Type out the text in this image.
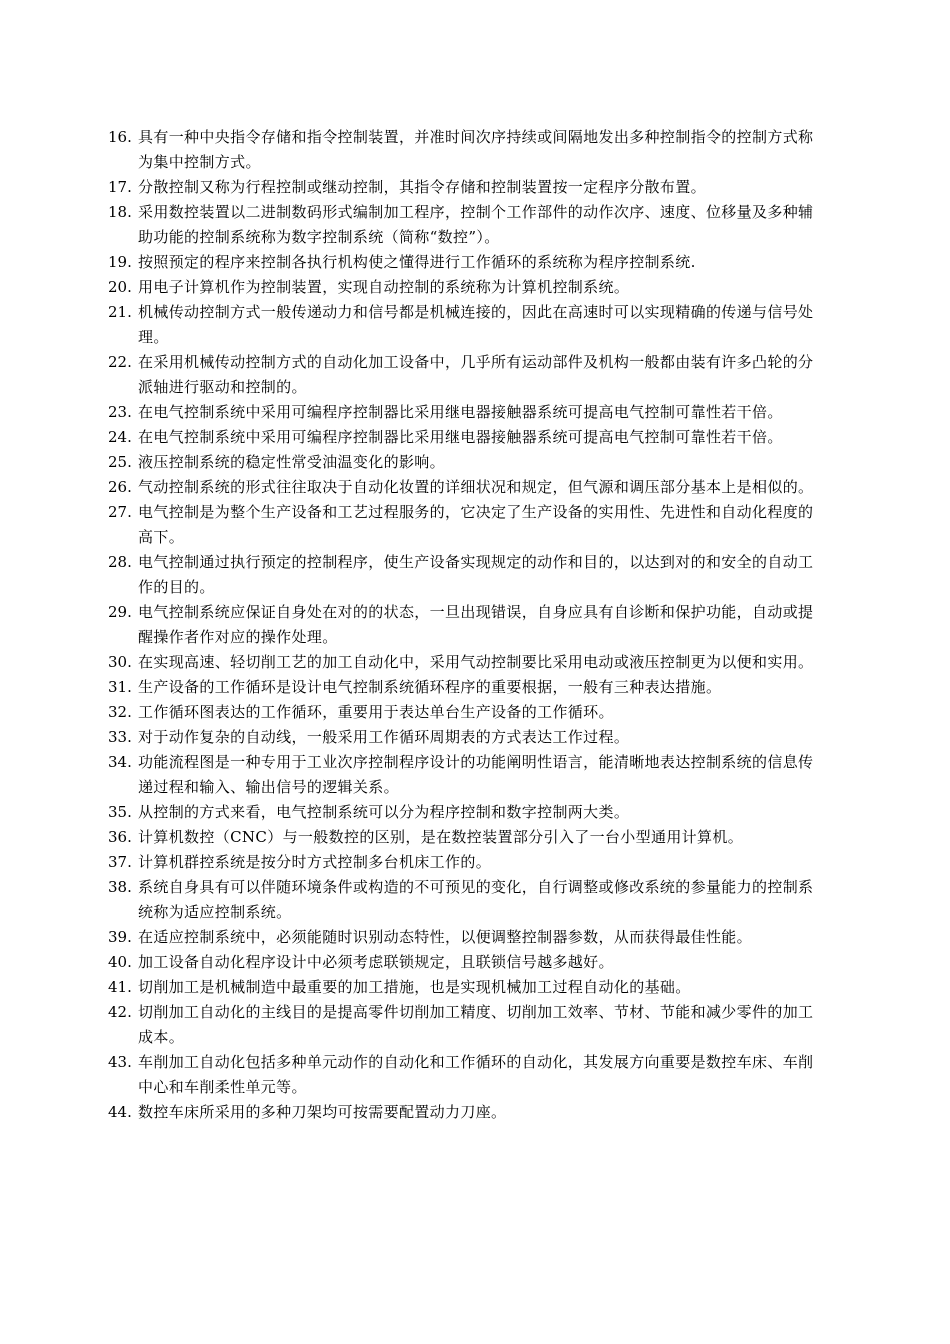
16. 具有一种中央指令存储和指令控制装置，并准时间次序持续或间隔地发出多种控制指令的控制方式称为集中控制方式。
17. 分散控制又称为行程控制或继动控制，其指令存储和控制装置按一定程序分散布置。
18. 采用数控装置以二进制数码形式编制加工程序，控制个工作部件的动作次序、速度、位移量及多种辅助功能的控制系统称为数字控制系统（简称“数控”）。
19. 按照预定的程序来控制各执行机构使之懂得进行工作循环的系统称为程序控制系统.
20. 用电子计算机作为控制装置，实现自动控制的系统称为计算机控制系统。
21. 机械传动控制方式一般传递动力和信号都是机械连接的，因此在高速时可以实现精确的传递与信号处理。
22. 在采用机械传动控制方式的自动化加工设备中，几乎所有运动部件及机构一般都由装有许多凸轮的分派轴进行驱动和控制的。
23. 在电气控制系统中采用可编程序控制器比采用继电器接触器系统可提高电气控制可靠性若干倍。
24. 在电气控制系统中采用可编程序控制器比采用继电器接触器系统可提高电气控制可靠性若干倍。
25. 液压控制系统的稳定性常受油温变化的影响。
26. 气动控制系统的形式往往取决于自动化妆置的详细状况和规定，但气源和调压部分基本上是相似的。
27. 电气控制是为整个生产设备和工艺过程服务的，它决定了生产设备的实用性、先进性和自动化程度的高下。
28. 电气控制通过执行预定的控制程序，使生产设备实现规定的动作和目的，以达到对的和安全的自动工作的目的。
29. 电气控制系统应保证自身处在对的的状态，一旦出现错误，自身应具有自诊断和保护功能，自动或提醒操作者作对应的操作处理。
30. 在实现高速、轻切削工艺的加工自动化中，采用气动控制要比采用电动或液压控制更为以便和实用。
31. 生产设备的工作循环是设计电气控制系统循环程序的重要根据，一般有三种表达措施。
32. 工作循环图表达的工作循环，重要用于表达单台生产设备的工作循环。
33. 对于动作复杂的自动线，一般采用工作循环周期表的方式表达工作过程。
34. 功能流程图是一种专用于工业次序控制程序设计的功能阐明性语言，能清晰地表达控制系统的信息传递过程和输入、输出信号的逻辑关系。
35. 从控制的方式来看，电气控制系统可以分为程序控制和数字控制两大类。
36. 计算机数控（CNC）与一般数控的区别，是在数控装置部分引入了一台小型通用计算机。
37. 计算机群控系统是按分时方式控制多台机床工作的。
38. 系统自身具有可以伴随环境条件或构造的不可预见的变化，自行调整或修改系统的参量能力的控制系统称为适应控制系统。
39. 在适应控制系统中，必须能随时识别动态特性，以便调整控制器参数，从而获得最佳性能。
40. 加工设备自动化程序设计中必须考虑联锁规定，且联锁信号越多越好。
41. 切削加工是机械制造中最重要的加工措施，也是实现机械加工过程自动化的基础。
42. 切削加工自动化的主线目的是提高零件切削加工精度、切削加工效率、节材、节能和减少零件的加工成本。
43. 车削加工自动化包括多种单元动作的自动化和工作循环的自动化，其发展方向重要是数控车床、车削中心和车削柔性单元等。
44. 数控车床所采用的多种刀架均可按需要配置动力刀座。
